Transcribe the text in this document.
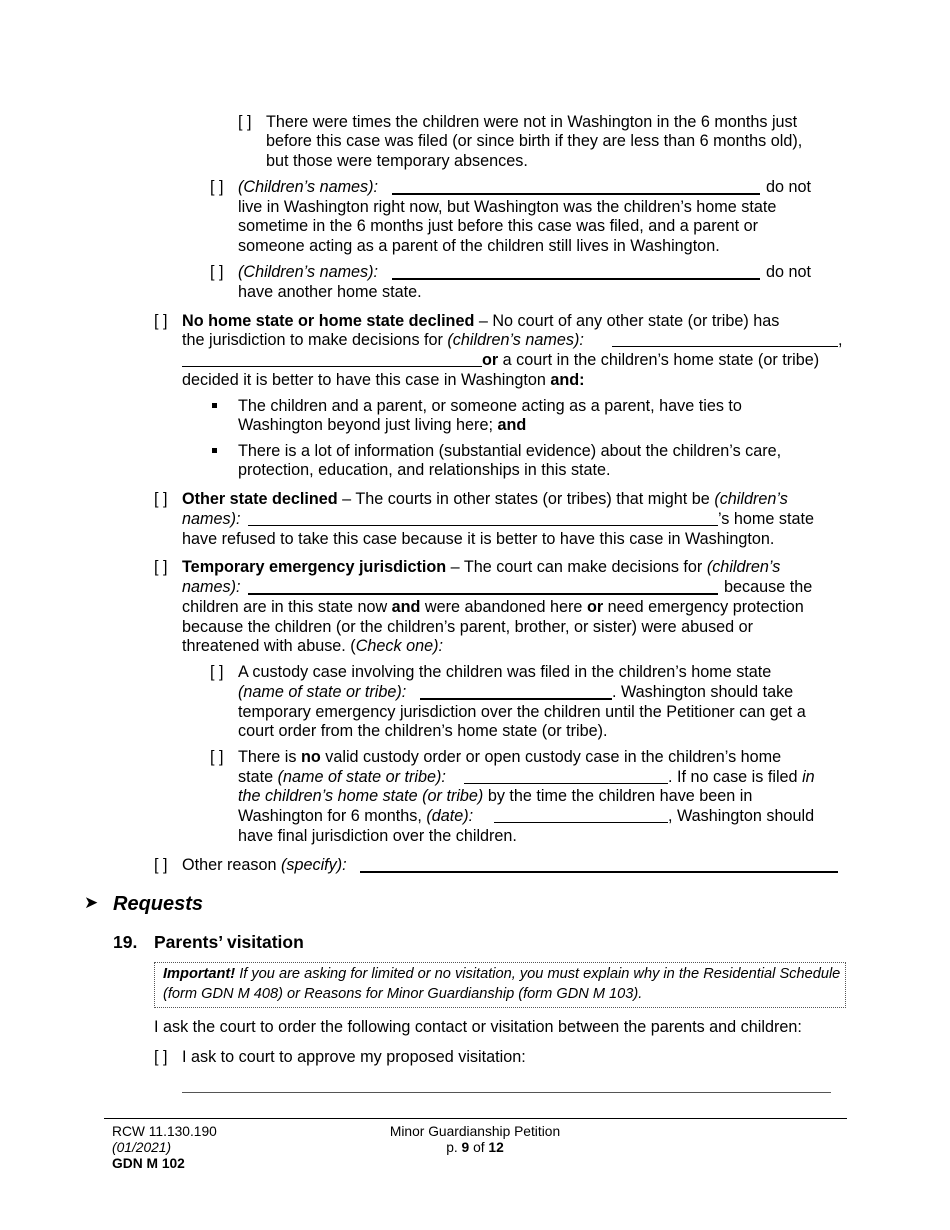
[ ] There were times the children were not in Washington in the 6 months just
before this case was filed (or since birth if they are less than 6 months old),
but those were temporary absences.
[ ] (Children’s names):	do not
live in Washington right now, but Washington was the children’s home state
sometime in the 6 months just before this case was filed, and a parent or
someone acting as a parent of the children still lives in Washington.
[ ] (Children’s names):	do not
have another home state.
[ ] No home state or home state declined – No court of any other state (or tribe) has
the jurisdiction to make decisions for (children’s names):	,
or a court in the children’s home state (or tribe)
decided it is better to have this case in Washington and:
The children and a parent, or someone acting as a parent, have ties to
Washington beyond just living here; and
There is a lot of information (substantial evidence) about the children’s care,
protection, education, and relationships in this state.
[ ] Other state declined – The courts in other states (or tribes) that might be (children’s
names):	’s home state
have refused to take this case because it is better to have this case in Washington.
[ ] Temporary emergency jurisdiction – The court can make decisions for (children’s
names):	because the
children are in this state now and were abandoned here or need emergency protection
because the children (or the children’s parent, brother, or sister) were abused or
threatened with abuse. (Check one):
[ ] A custody case involving the children was filed in the children’s home state
(name of state or tribe):	. Washington should take
temporary emergency jurisdiction over the children until the Petitioner can get a
court order from the children’s home state (or tribe).
[ ] There is no valid custody order or open custody case in the children’s home
state (name of state or tribe):	. If no case is filed in
the children’s home state (or tribe) by the time the children have been in
Washington for 6 months, (date):	, Washington should
have final jurisdiction over the children.
[ ] Other reason (specify):
➤ Requests
19. Parents’ visitation
Important! If you are asking for limited or no visitation, you must explain why in the Residential Schedule
(form GDN M 408) or Reasons for Minor Guardianship (form GDN M 103).
I ask the court to order the following contact or visitation between the parents and children:
[ ] I ask to court to approve my proposed visitation:
RCW 11.130.190
(01/2021)
GDN M 102
Minor Guardianship Petition
p. 9 of 12
